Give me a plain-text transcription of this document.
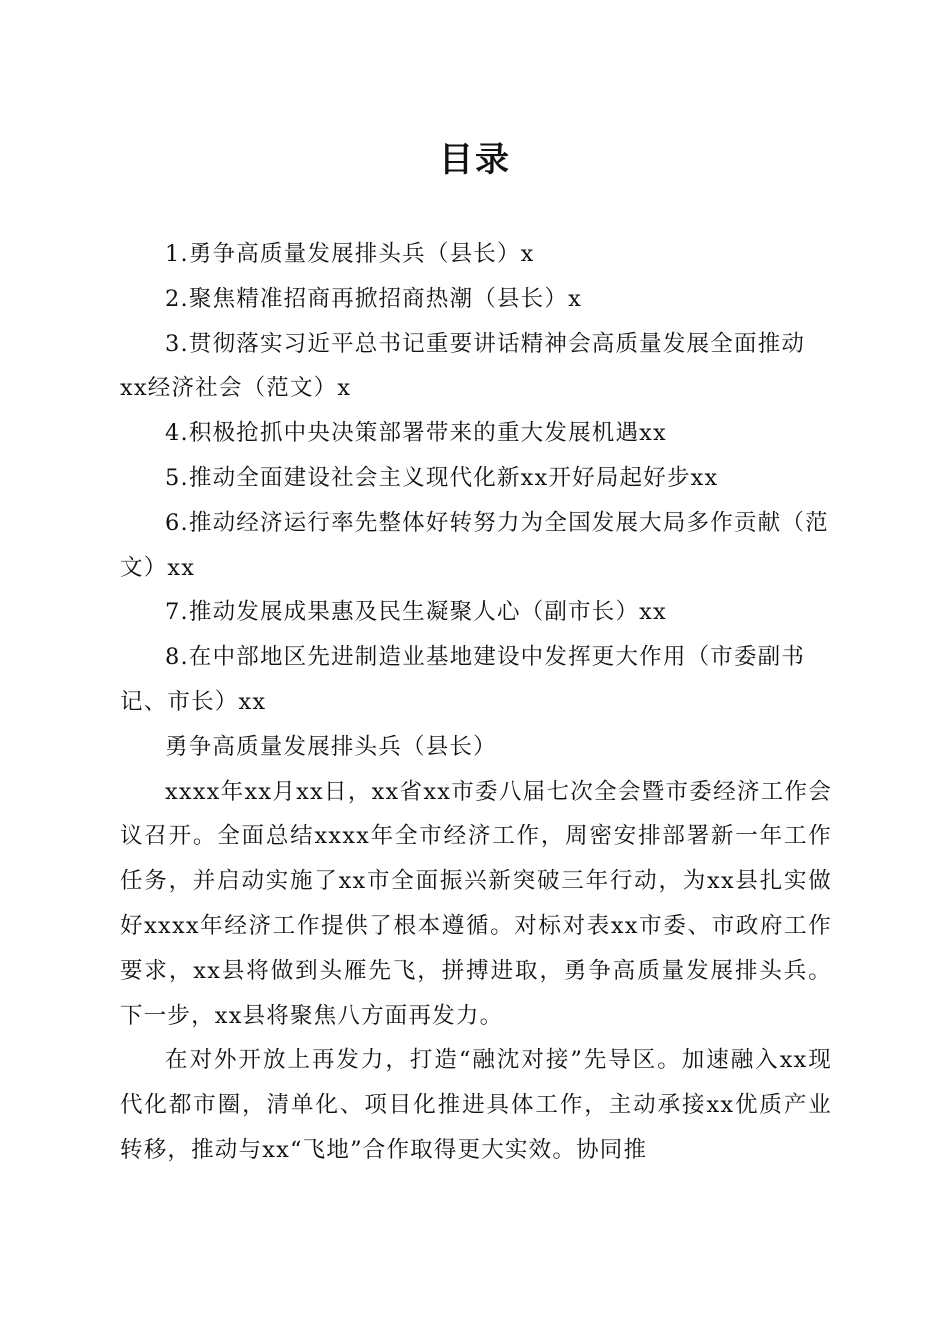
目录

1.勇争高质量发展排头兵（县长）x

2.聚焦精准招商再掀招商热潮（县长）x

3.贯彻落实习近平总书记重要讲话精神会高质量发展全面推动xx经济社会（范文）x

4.积极抢抓中央决策部署带来的重大发展机遇xx

5.推动全面建设社会主义现代化新xx开好局起好步xx

6.推动经济运行率先整体好转努力为全国发展大局多作贡献（范文）xx

7.推动发展成果惠及民生凝聚人心（副市长）xx

8.在中部地区先进制造业基地建设中发挥更大作用（市委副书记、市长）xx

勇争高质量发展排头兵（县长）

xxxx年xx月xx日，xx省xx市委八届七次全会暨市委经济工作会议召开。全面总结xxxx年全市经济工作，周密安排部署新一年工作任务，并启动实施了xx市全面振兴新突破三年行动，为xx县扎实做好xxxx年经济工作提供了根本遵循。对标对表xx市委、市政府工作要求，xx县将做到头雁先飞，拼搏进取，勇争高质量发展排头兵。下一步，xx县将聚焦八方面再发力。

在对外开放上再发力，打造“融沈对接”先导区。加速融入xx现代化都市圈，清单化、项目化推进具体工作，主动承接xx优质产业转移，推动与xx“飞地”合作取得更大实效。协同推
